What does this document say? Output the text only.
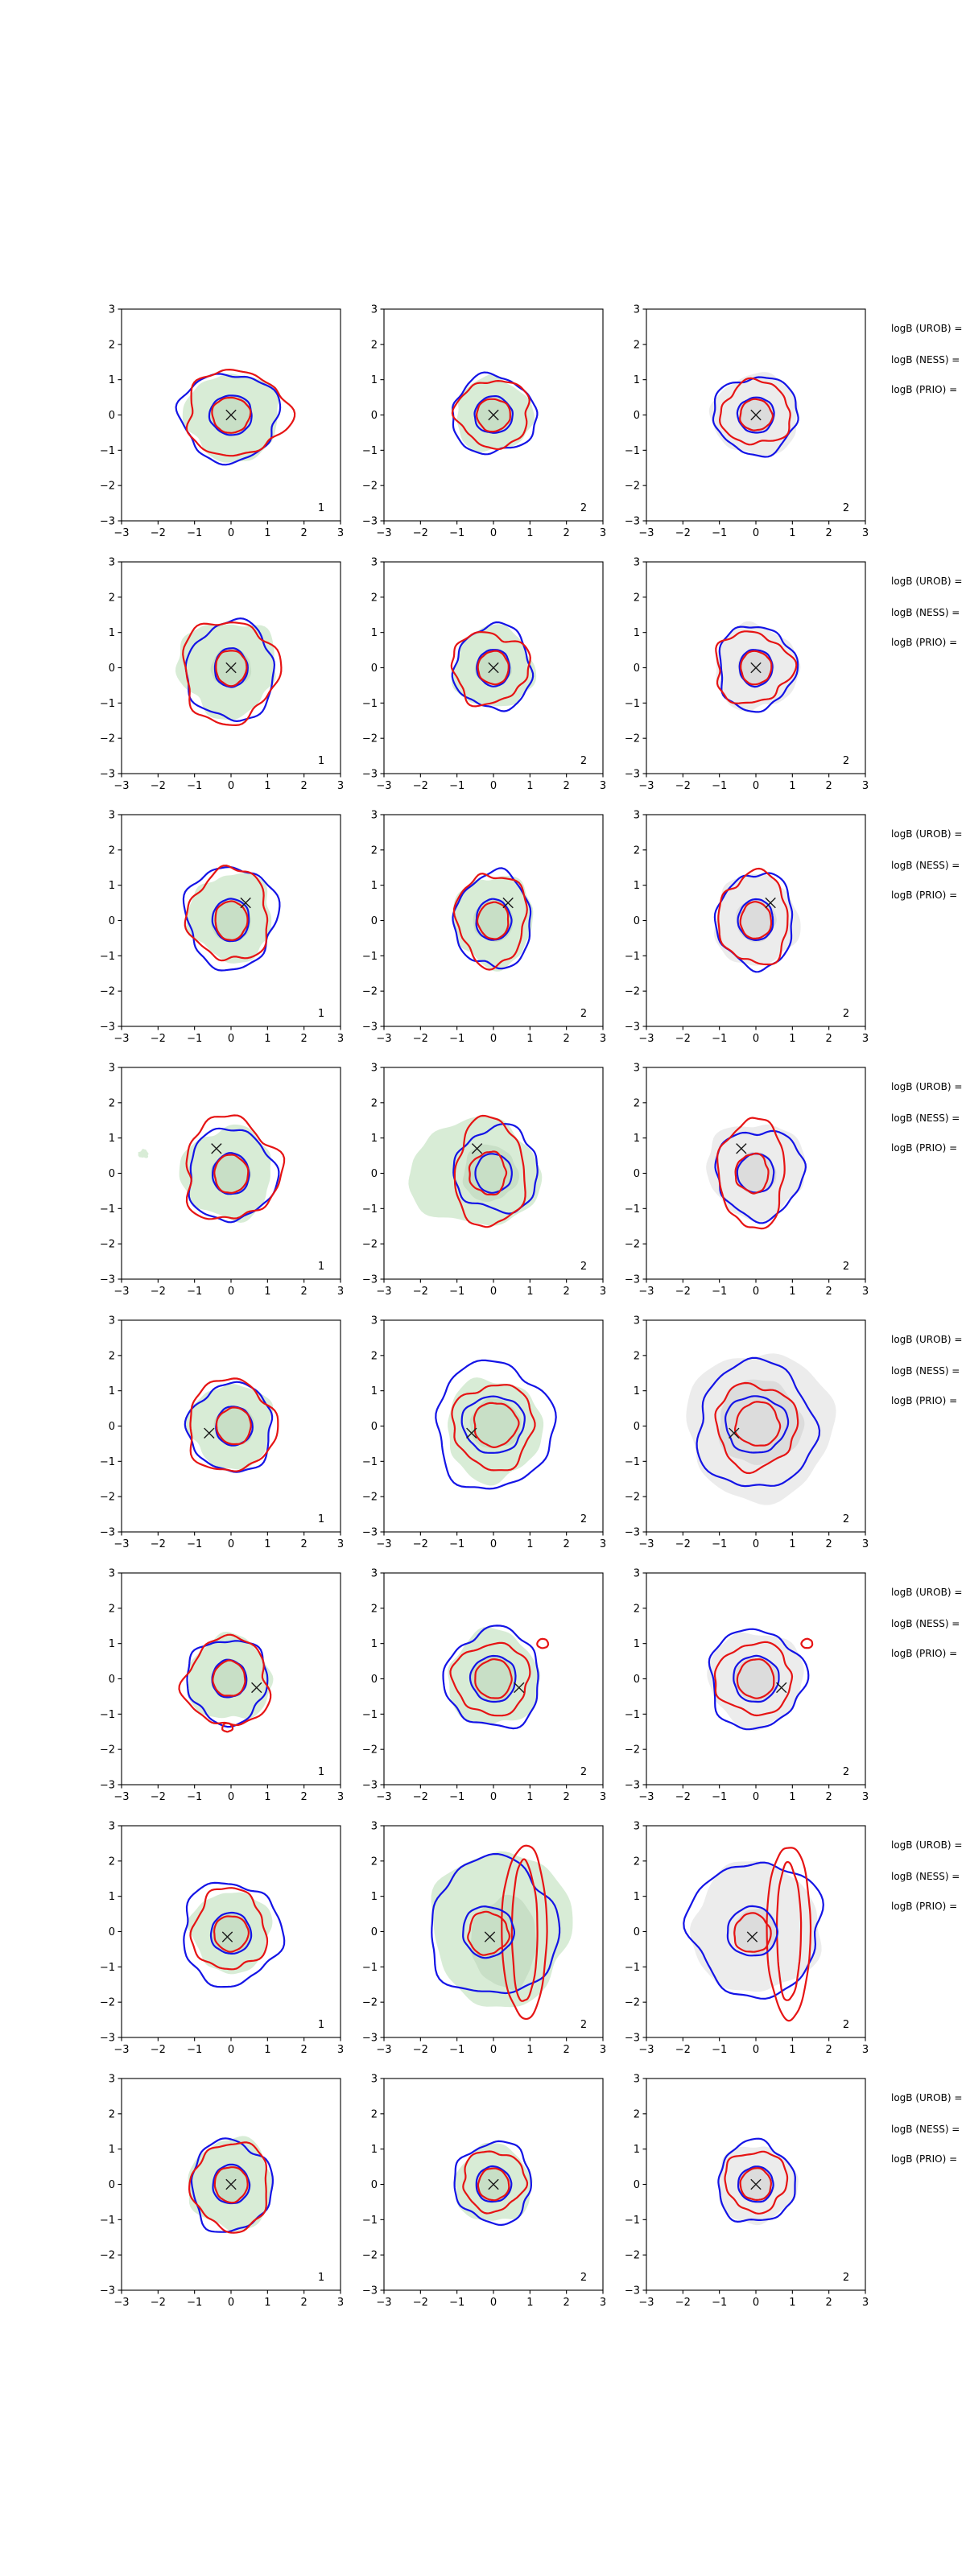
−3
−3
−2
−2
−1
−1
0
0
1
1
2
2
3
3
1
−3
−3
−2
−2
−1
−1
0
0
1
1
2
2
3
3
2
−3
−3
−2
−2
−1
−1
0
0
1
1
2
2
3
3
2
logB (UROB) =
logB (NESS) =
logB (PRIO) =
−3
−3
−2
−2
−1
−1
0
0
1
1
2
2
3
3
1
−3
−3
−2
−2
−1
−1
0
0
1
1
2
2
3
3
2
−3
−3
−2
−2
−1
−1
0
0
1
1
2
2
3
3
2
logB (UROB) =
logB (NESS) =
logB (PRIO) =
−3
−3
−2
−2
−1
−1
0
0
1
1
2
2
3
3
1
−3
−3
−2
−2
−1
−1
0
0
1
1
2
2
3
3
2
−3
−3
−2
−2
−1
−1
0
0
1
1
2
2
3
3
2
logB (UROB) =
logB (NESS) =
logB (PRIO) =
−3
−3
−2
−2
−1
−1
0
0
1
1
2
2
3
3
1
−3
−3
−2
−2
−1
−1
0
0
1
1
2
2
3
3
2
−3
−3
−2
−2
−1
−1
0
0
1
1
2
2
3
3
2
logB (UROB) =
logB (NESS) =
logB (PRIO) =
−3
−3
−2
−2
−1
−1
0
0
1
1
2
2
3
3
1
−3
−3
−2
−2
−1
−1
0
0
1
1
2
2
3
3
2
−3
−3
−2
−2
−1
−1
0
0
1
1
2
2
3
3
2
logB (UROB) =
logB (NESS) =
logB (PRIO) =
−3
−3
−2
−2
−1
−1
0
0
1
1
2
2
3
3
1
−3
−3
−2
−2
−1
−1
0
0
1
1
2
2
3
3
2
−3
−3
−2
−2
−1
−1
0
0
1
1
2
2
3
3
2
logB (UROB) =
logB (NESS) =
logB (PRIO) =
−3
−3
−2
−2
−1
−1
0
0
1
1
2
2
3
3
1
−3
−3
−2
−2
−1
−1
0
0
1
1
2
2
3
3
2
−3
−3
−2
−2
−1
−1
0
0
1
1
2
2
3
3
2
logB (UROB) =
logB (NESS) =
logB (PRIO) =
−3
−3
−2
−2
−1
−1
0
0
1
1
2
2
3
3
1
−3
−3
−2
−2
−1
−1
0
0
1
1
2
2
3
3
2
−3
−3
−2
−2
−1
−1
0
0
1
1
2
2
3
3
2
logB (UROB) =
logB (NESS) =
logB (PRIO) =
